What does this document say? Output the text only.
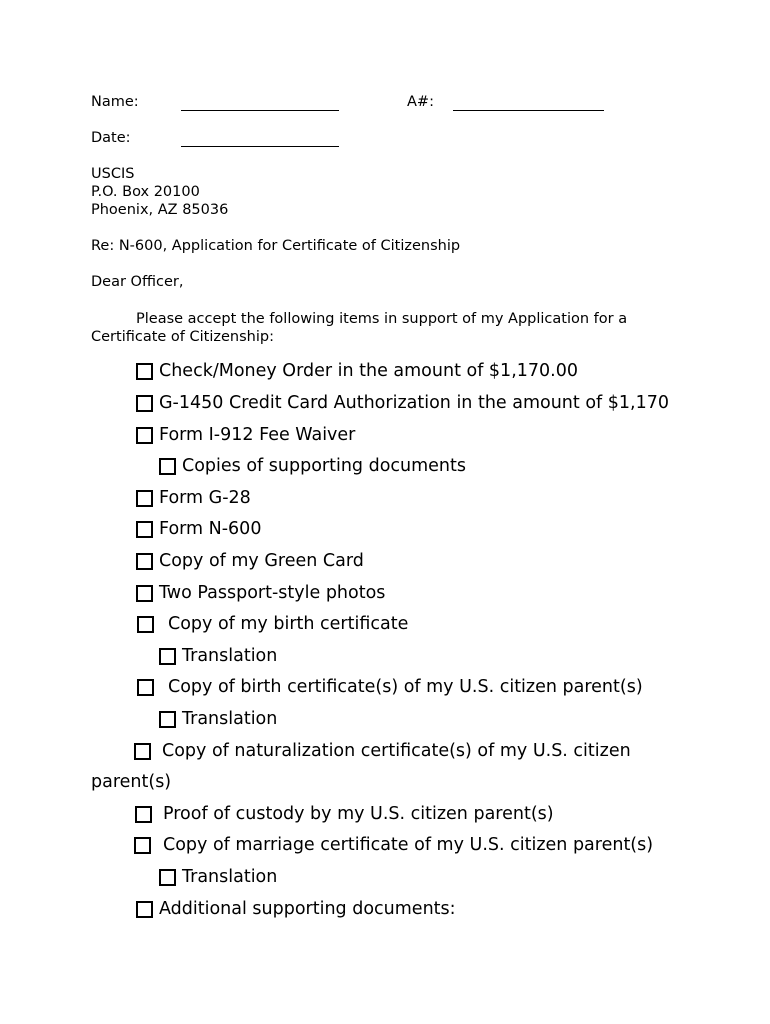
Name:	A#:
Date:
USCIS
P.O. Box 20100
Phoenix, AZ 85036
Re: N-600, Application for Certificate of Citizenship
Dear Officer,
Please accept the following items in support of my Application for a
Certificate of Citizenship:
Check/Money Order in the amount of $1,170.00
G-1450 Credit Card Authorization in the amount of $1,170
Form I-912 Fee Waiver
Copies of supporting documents
Form G-28
Form N-600
Copy of my Green Card
Two Passport-style photos
Copy of my birth certificate
Translation
Copy of birth certificate(s) of my U.S. citizen parent(s)
Translation
Copy of naturalization certificate(s) of my U.S. citizen
parent(s)
Proof of custody by my U.S. citizen parent(s)
Copy of marriage certificate of my U.S. citizen parent(s)
Translation
Additional supporting documents:
